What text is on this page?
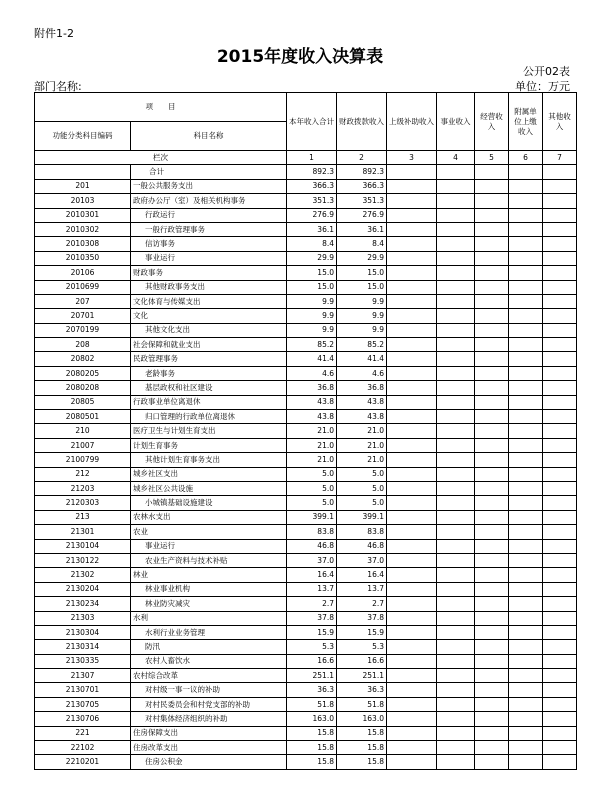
附件1-2
2015年度收入决算表
公开02表
部门名称:	单位：万元
项　　目		本年收入合计	财政拨款收入	上级补助收入	事业收入	经营收入	附属单位上缴收入	其他收入
功能分类科目编码	科目名称							
栏次		1	2	3	4	5	6	7
	合计	892.3	892.3					
201	一般公共服务支出	366.3	366.3					
20103	政府办公厅（室）及相关机构事务	351.3	351.3					
2010301	行政运行	276.9	276.9					
2010302	一般行政管理事务	36.1	36.1					
2010308	信访事务	8.4	8.4					
2010350	事业运行	29.9	29.9					
20106	财政事务	15.0	15.0					
2010699	其他财政事务支出	15.0	15.0					
207	文化体育与传媒支出	9.9	9.9					
20701	文化	9.9	9.9					
2070199	其他文化支出	9.9	9.9					
208	社会保障和就业支出	85.2	85.2					
20802	民政管理事务	41.4	41.4					
2080205	老龄事务	4.6	4.6					
2080208	基层政权和社区建设	36.8	36.8					
20805	行政事业单位离退休	43.8	43.8					
2080501	归口管理的行政单位离退休	43.8	43.8					
210	医疗卫生与计划生育支出	21.0	21.0					
21007	计划生育事务	21.0	21.0					
2100799	其他计划生育事务支出	21.0	21.0					
212	城乡社区支出	5.0	5.0					
21203	城乡社区公共设施	5.0	5.0					
2120303	小城镇基础设施建设	5.0	5.0					
213	农林水支出	399.1	399.1					
21301	农业	83.8	83.8					
2130104	事业运行	46.8	46.8					
2130122	农业生产资料与技术补贴	37.0	37.0					
21302	林业	16.4	16.4					
2130204	林业事业机构	13.7	13.7					
2130234	林业防灾减灾	2.7	2.7					
21303	水利	37.8	37.8					
2130304	水利行业业务管理	15.9	15.9					
2130314	防汛	5.3	5.3					
2130335	农村人畜饮水	16.6	16.6					
21307	农村综合改革	251.1	251.1					
2130701	对村级一事一议的补助	36.3	36.3					
2130705	对村民委员会和村党支部的补助	51.8	51.8					
2130706	对村集体经济组织的补助	163.0	163.0					
221	住房保障支出	15.8	15.8					
22102	住房改革支出	15.8	15.8					
2210201	住房公积金	15.8	15.8					
